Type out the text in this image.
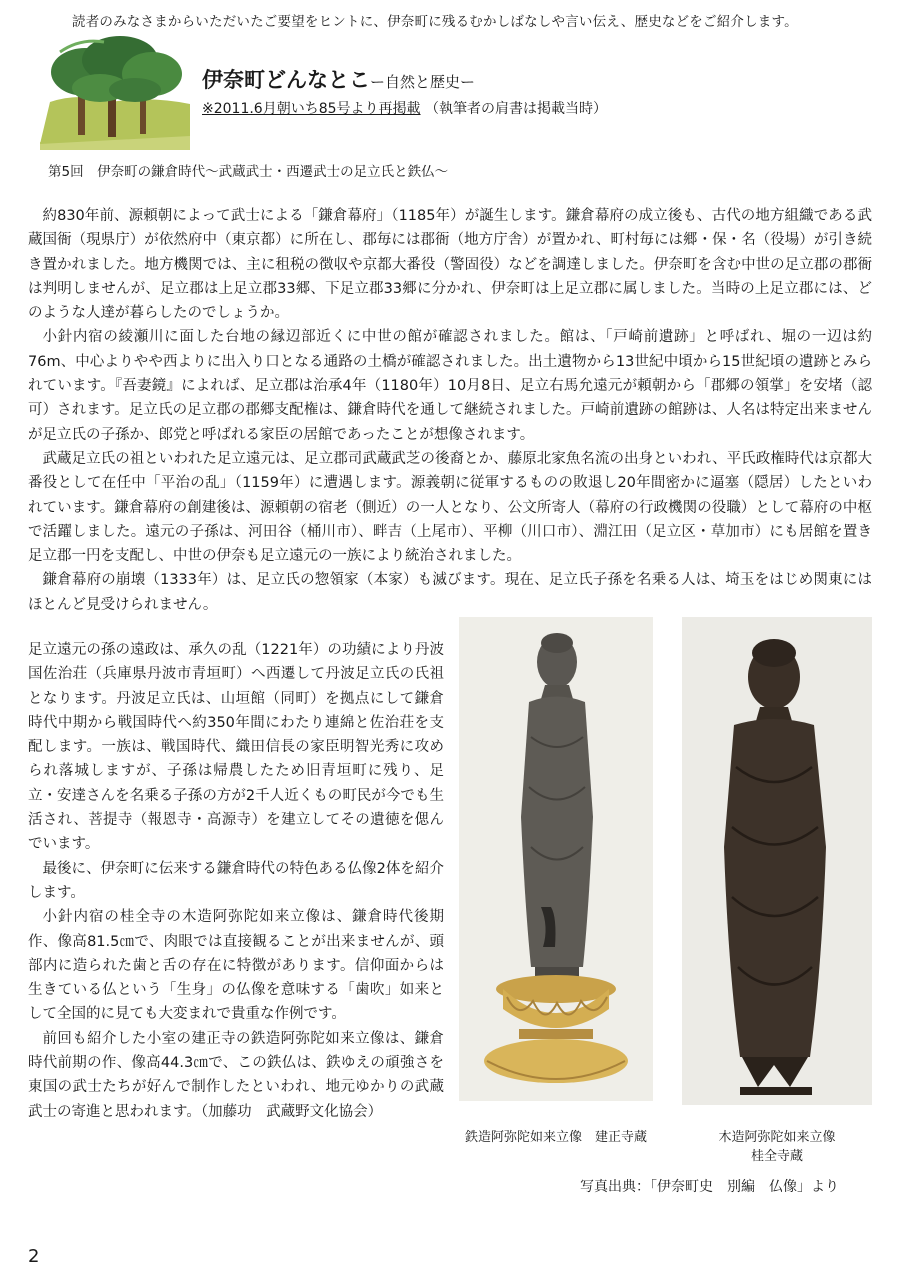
読者のみなさまからいただいたご要望をヒントに、伊奈町に残るむかしばなしや言い伝え、歴史などをご紹介します。
伊奈町どんなとこー自然と歴史ー
※2011.6月朝いち85号より再掲載 （執筆者の肩書は掲載当時）
第5回　伊奈町の鎌倉時代～武蔵武士・西遷武士の足立氏と鉄仏～

約830年前、源頼朝によって武士による「鎌倉幕府」（1185年）が誕生します。鎌倉幕府の成立後も、古代の地方組織である武蔵国衙（現県庁）が依然府中（東京都）に所在し、郡毎には郡衙（地方庁舎）が置かれ、町村毎には郷・保・名（役場）が引き続き置かれました。地方機関では、主に租税の徴収や京都大番役（警固役）などを調達しました。伊奈町を含む中世の足立郡の郡衙は判明しませんが、足立郡は上足立郡33郷、下足立郡33郷に分かれ、伊奈町は上足立郡に属しました。当時の上足立郡には、どのような人達が暮らしたのでしょうか。

小針内宿の綾瀬川に面した台地の縁辺部近くに中世の館が確認されました。館は、「戸崎前遺跡」と呼ばれ、堀の一辺は約76m、中心よりやや西よりに出入り口となる通路の土橋が確認されました。出土遺物から13世紀中頃から15世紀頃の遺跡とみられています。『吾妻鏡』によれば、足立郡は治承4年（1180年）10月8日、足立右馬允遠元が頼朝から「郡郷の領掌」を安堵（認可）されます。足立氏の足立郡の郡郷支配権は、鎌倉時代を通して継続されました。戸崎前遺跡の館跡は、人名は特定出来ませんが足立氏の子孫か、郎党と呼ばれる家臣の居館であったことが想像されます。

武蔵足立氏の祖といわれた足立遠元は、足立郡司武蔵武芝の後裔とか、藤原北家魚名流の出身といわれ、平氏政権時代は京都大番役として在任中「平治の乱」（1159年）に遭遇します。源義朝に従軍するものの敗退し20年間密かに逼塞（隠居）したといわれています。鎌倉幕府の創建後は、源頼朝の宿老（側近）の一人となり、公文所寄人（幕府の行政機関の役職）として幕府の中枢で活躍しました。遠元の子孫は、河田谷（桶川市）、畔吉（上尾市）、平柳（川口市）、淵江田（足立区・草加市）にも居館を置き足立郡一円を支配し、中世の伊奈も足立遠元の一族により統治されました。

鎌倉幕府の崩壊（1333年）は、足立氏の惣領家（本家）も滅びます。現在、足立氏子孫を名乗る人は、埼玉をはじめ関東にはほとんど見受けられません。

足立遠元の孫の遠政は、承久の乱（1221年）の功績により丹波国佐治荘（兵庫県丹波市青垣町）へ西遷して丹波足立氏の氏祖となります。丹波足立氏は、山垣館（同町）を拠点にして鎌倉時代中期から戦国時代へ約350年間にわたり連綿と佐治荘を支配します。一族は、戦国時代、織田信長の家臣明智光秀に攻められ落城しますが、子孫は帰農したため旧青垣町に残り、足立・安達さんを名乗る子孫の方が2千人近くもの町民が今でも生活され、菩提寺（報恩寺・高源寺）を建立してその遺徳を偲んでいます。

最後に、伊奈町に伝来する鎌倉時代の特色ある仏像2体を紹介します。

小針内宿の桂全寺の木造阿弥陀如来立像は、鎌倉時代後期作、像高81.5㎝で、肉眼では直接観ることが出来ませんが、頭部内に造られた歯と舌の存在に特徴があります。信仰面からは生きている仏という「生身」の仏像を意味する「歯吹」如来として全国的に見ても大変まれで貴重な作例です。

前回も紹介した小室の建正寺の鉄造阿弥陀如来立像は、鎌倉時代前期の作、像高44.3㎝で、この鉄仏は、鉄ゆえの頑強さを東国の武士たちが好んで制作したといわれ、地元ゆかりの武蔵武士の寄進と思われます。（加藤功　武蔵野文化協会）

鉄造阿弥陀如来立像　建正寺蔵	木造阿弥陀如来立像
桂全寺蔵
写真出典：「伊奈町史　別編　仏像」より
2
